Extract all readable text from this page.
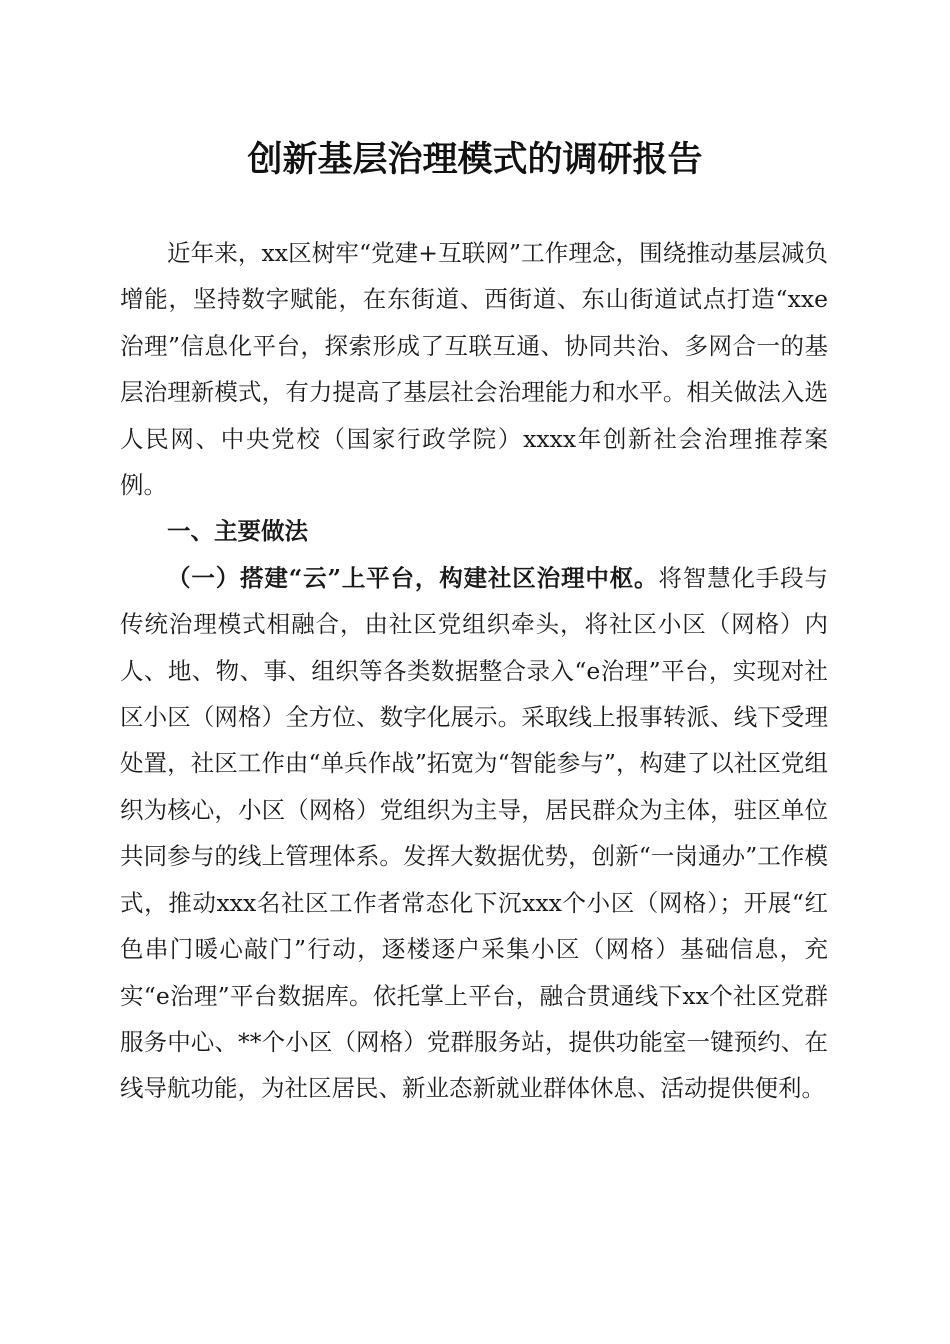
创新基层治理模式的调研报告

近年来，xx区树牢“党建+互联网”工作理念，围绕推动基层减负增能，坚持数字赋能，在东街道、西街道、东山街道试点打造“xxe治理”信息化平台，探索形成了互联互通、协同共治、多网合一的基层治理新模式，有力提高了基层社会治理能力和水平。相关做法入选人民网、中央党校（国家行政学院）xxxx年创新社会治理推荐案例。

一、主要做法

（一）搭建“云”上平台，构建社区治理中枢。将智慧化手段与传统治理模式相融合，由社区党组织牵头，将社区小区（网格）内人、地、物、事、组织等各类数据整合录入“e治理”平台，实现对社区小区（网格）全方位、数字化展示。采取线上报事转派、线下受理处置，社区工作由“单兵作战”拓宽为“智能参与”，构建了以社区党组织为核心，小区（网格）党组织为主导，居民群众为主体，驻区单位共同参与的线上管理体系。发挥大数据优势，创新“一岗通办”工作模式，推动xxx名社区工作者常态化下沉xxx个小区（网格）；开展“红色串门暖心敲门”行动，逐楼逐户采集小区（网格）基础信息，充实“e治理”平台数据库。依托掌上平台，融合贯通线下xx个社区党群服务中心、**个小区（网格）党群服务站，提供功能室一键预约、在线导航功能，为社区居民、新业态新就业群体休息、活动提供便利。
